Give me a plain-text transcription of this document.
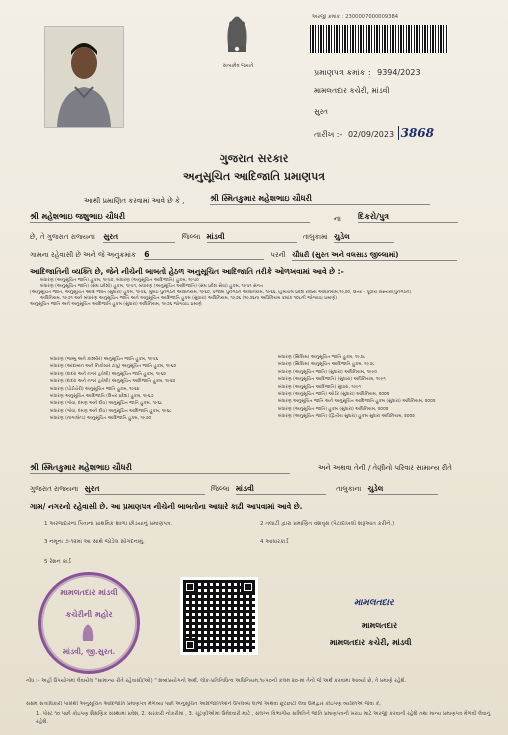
સત્યમેવ જયતે
અરજી ક્રમાંક : 2300007000009384
પ્રમાણપત્ર ક્રમાંક : 9394/2023
મામલતદાર કચેરી, માંડવી
સુરત
તારીખ :- 02/09/2023 3868
ગુજરાત સરકાર
અનુસૂચિત આદિજાતિ પ્રમાણપત્ર
આથી પ્રમાણિત કરવામાં આવે છે કે ,	શ્રી સ્મિતકુમાર મહેશભાઇ ચૌધરી
શ્રી મહેશભાઇ જશુભાઇ ચૌધરી	ના દિકરો/પુત્ર
છે, તે ગુજરાત રાજ્યના સુરત	જિલ્લા માંડવી	તાલુકામાં ચુડેલ
ગામના રહેવાસી છે અને જે અનુક્રમાંક 6	પરની ચૌધરી (સુરત અને વલસાડ જીલ્લામાં)
આદિજાતિની વ્યક્તિ છે, જેને નીચેની બાબતો હેઠળ અનુસૂચિત આદિજાતિ તરીકે ઓળખવામાં આવે છે :-
બંધારણ (અનુસૂચિત જાતિ) હુકમ, ૧૯૫૦, બંધારણ (અનુસૂચિત આદિજાતિ) હુકમ, ૧૯૫૦
બંધારણ (અનુસૂચિત જાતિ) (સંઘ પ્રદેશો) હુકમ, ૧૯૫૧, બંધારણ (અનુસૂચિત આદિજાતિ) (સંઘ પ્રદેશ સેવા) હુકમ, ૧૯૫૧ સંગત
[અનુસૂચિત જાતિ, અનુસૂચિત આદિ જાતિ (સુધારા) હુકમ, ૧૯૫૬, મુંબઇ પુનર્ગઠન અધિનિયમ, ૧૯૬૦, પંજાબ પુનર્ગઠન અધિનિયમ, ૧૯૬૬, હિમાચલ પ્રદેશ રાજ્ય અધિનિયમ,૧૯૭૦, ઉત્તર - પૂર્વીય વિસ્તારો(પુનર્ગઠન)
અધિનિયમ, ૧૯૭૧ અને બંધારણ અનુસૂચિત જાતિ અને અનુસૂચિત આદિજાતિ હુકમ (સુધારા) અધિનિયમ, ૧૯૭૬ (૧૯૭૬ના અધિનિયમ ક્રમાંક ૧૦૮ની જોગવાઇ પ્રમાણે)
અનુસૂચિત જાતિ અને અનુસૂચિત આદિજાતિ હુકમ (સુધારા) અધિનિયમ, ૧૯૭૬ જોગવાઇ પ્રમાણે
બંધારણ (જમ્મુ અને કાશ્મીર) અનુસૂચિત જાતિ હુકમ, ૧૯૫૬
બંધારણ (આંદામાન અને નિકોબાર ટાપુ) અનુસૂચિત જાતિ હુકમ, ૧૯૬૨
બંધારણ (દાદરા અને નગર હવેલી) અનુસૂચિત જાતિ હુકમ, ૧૯૬૨
બંધારણ (દાદરા અને નગર હવેલી) અનુસૂચિત આદિજાતિ હુકમ, ૧૯૬૨
બંધારણ (પોંડીચેરી) અનુસૂચિત જાતિ હુકમ, ૧૯૬૪
બંધારણ અનુસૂચિત આદિજાતિ (ઉત્તર પ્રદેશ) હુકમ, ૧૯૬૭
બંધારણ (ગોવા, દમણ અને દીવ) અનુસૂચિત જાતિ હુકમ, ૧૯૬૮
બંધારણ (ગોવા, દમણ અને દીવ) અનુસૂચિત આદિજાતિ હુકમ, ૧૯૬૮
બંધારણ (નાગાલેન્ડ) અનુસૂચિત આદિજાતિ હુકમ, ૧૯૭૦
બંધારણ (સિક્કિમ) અનુસૂચિત જાતિ હુકમ, ૧૯૭૮
બંધારણ (સિક્કિમ) અનુસૂચિત આદિજાતિ હુકમ, ૧૯૭૮
બંધારણ (અનુસૂચિત જાતિ) (સુધારા) અધિનિયમ, ૧૯૯૦
બંધારણ (અનુસૂચિત આદિજાતિ) (સુધારા) અધિનિયમ, ૧૯૯૧
બંધારણ (અનુસૂચિત આદિજાતિ) સુધારા, ૧૯૯૧
બંધારણ (અનુસૂચિત જાતિ) ઓર્ડર (સુધારા) અધિનિયમ, ૨૦૦૨
બંધારણ અનુસૂચિત જાતિ અને અનુસૂચિત આદિજાતિ હુકમ (સુધારા) અધિનિયમ, ૨૦૦૨
બંધારણ (અનુસૂચિત જાતિ) હુકમ (સુધારા) અધિનિયમ, ૨૦૦૨
બંધારણ (અનુસૂચિત જાતિ) (દ્વિતીય સુધારા) હુકમ સુધારા અધિનિયમ, ૨૦૦૨
શ્રી સ્મિતકુમાર મહેશભાઇ ચૌધરી	અને અથવા તેની / તેણીનો પરિવાર સામાન્ય રીતે
ગુજરાત રાજ્યના સુરત	જિલ્લા માંડવી	તાલુકાના ચુડેલ
ગામ/ નગરનો રહેવાસી છે. આ પ્રમાણપત્ર નીચેની બાબતોના આધારે કાઢી આપવામાં આવે છે.
1 અરજદારના પિતાના પ્રાથમિક શાળા છોડયાનું પ્રમાણપત્ર.	2 તલાટી દ્વારા પ્રમાણિત વંશવૃક્ષ (પેટાદાખલો શરૂઆત કરીને.)
3 નમૂના ૭-૧૨માં આ સાથે જોડેલ સોગંદનામું.	4 આધારકાર્ડ
5 રેશન કાર્ડ
મામલતદાર માંડવી
કચેરીની મહોર
માંડવી, જી.સુરત.
મામલતદાર
મામલતદાર
મામલતદાર કચેરી, માંડવી
નોંધ :- અહીં ઉપયોગમાં લેવાયેલ "સામાન્ય રીતે રહેવાસી(ઓ) " શબ્દપ્રયોગનો અર્થ, લોક-પ્રતિનિધિત્વ અધિનિયમ,૧૯૫૦ની કલમ ૨૦-માં તેનો જે અર્થ કરવામાં આવ્યો છે, તે પ્રમાણે રહેશે.
સક્ષમ સત્તાધિકારી પાસેથી અનુસૂચિત આદિજાતિ પ્રમાણપત્ર મેળવ્યા પછી અનુસૂચિત આદિજાતિઓને ઉપલબ્ધ લાભો અથવા છૂટછાટો લેવા ઉમેદ્વાર કોઇપણ વ્યક્તિએ જેવા કે,
1. પોસ્ટ ૧૦ પછી કોઇપણ શૈક્ષણિક સંસ્થામાં પ્રવેશ, 2. સરકારી નોકરીમાં , 3. ચૂંટણીઓમાં ઉમેદવારી માટે , સંલગ્ન વિભાગીય સમિતિને જાતિ પ્રમાણપત્રની ખરાઇ માટે અરજી કરવાની રહેશે તથા માન્ય પ્રમાણપત્ર મેળવી લેવાનું રહેશે.
